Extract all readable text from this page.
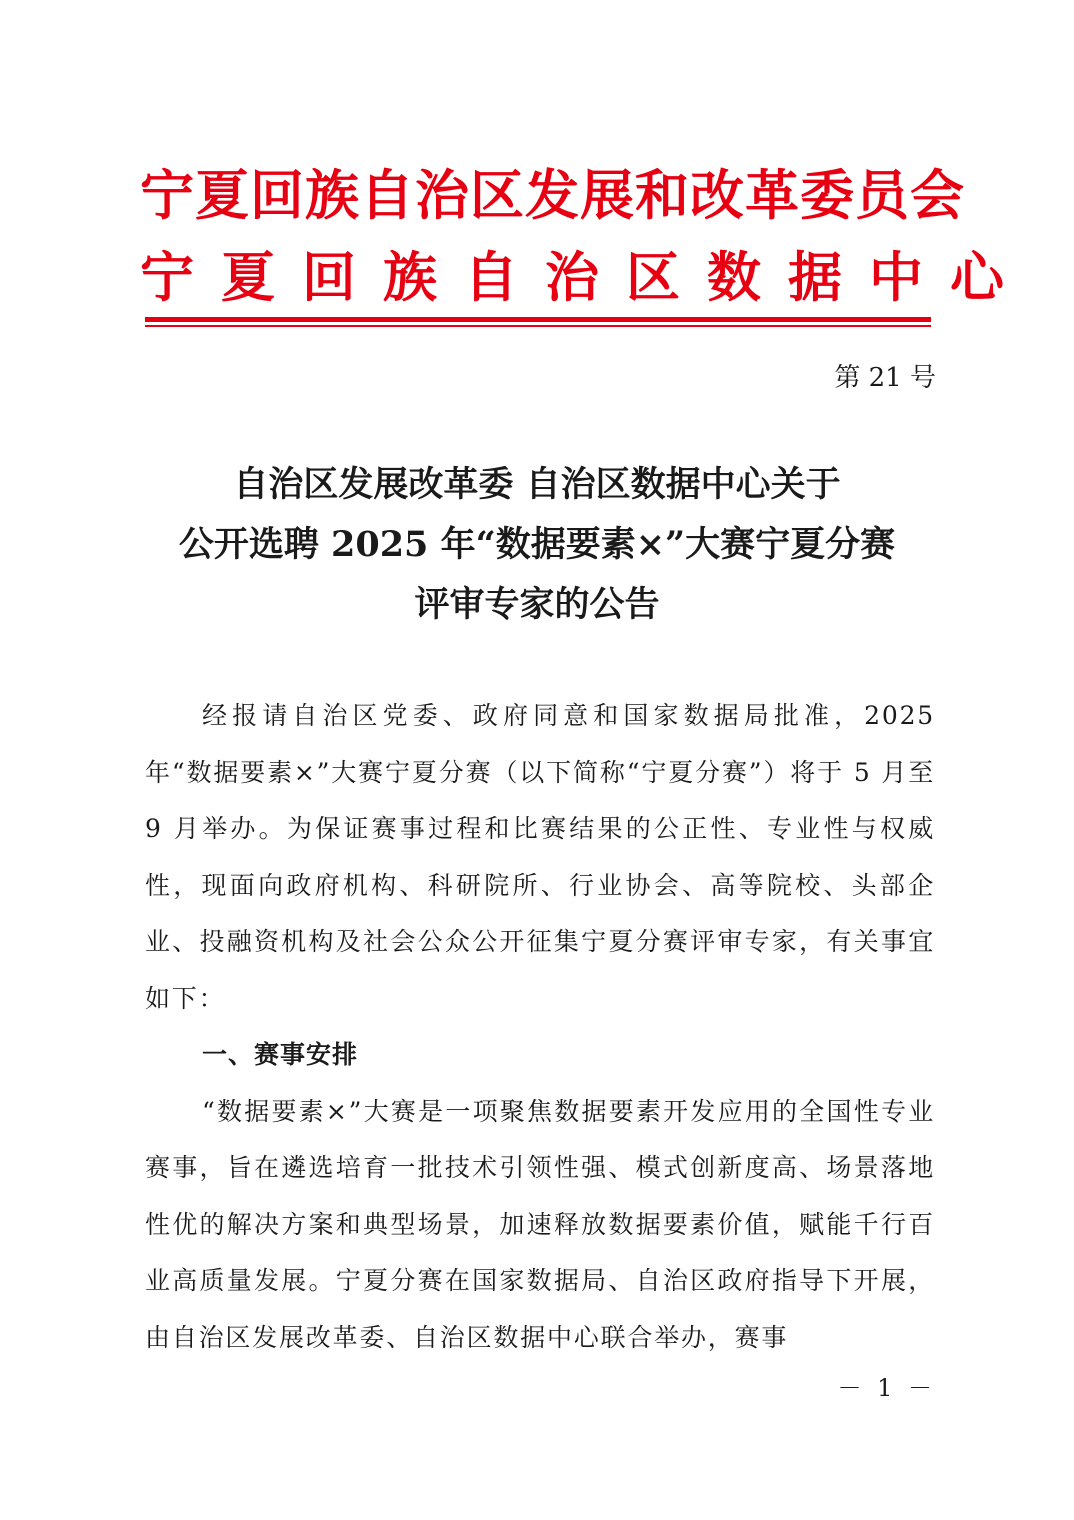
宁夏回族自治区发展和改革委员会
宁夏回族自治区数据中心
第 21 号
自治区发展改革委 自治区数据中心关于
公开选聘 2025 年“数据要素×”大赛宁夏分赛
评审专家的公告

经报请自治区党委、政府同意和国家数据局批准，2025 年“数据要素×”大赛宁夏分赛（以下简称“宁夏分赛”）将于 5 月至 9 月举办。为保证赛事过程和比赛结果的公正性、专业性与权威性，现面向政府机构、科研院所、行业协会、高等院校、头部企业、投融资机构及社会公众公开征集宁夏分赛评审专家，有关事宜如下：

一、赛事安排

“数据要素×”大赛是一项聚焦数据要素开发应用的全国性专业赛事，旨在遴选培育一批技术引领性强、模式创新度高、场景落地性优的解决方案和典型场景，加速释放数据要素价值，赋能千行百业高质量发展。宁夏分赛在国家数据局、自治区政府指导下开展，由自治区发展改革委、自治区数据中心联合举办，赛事

－ 1 －
